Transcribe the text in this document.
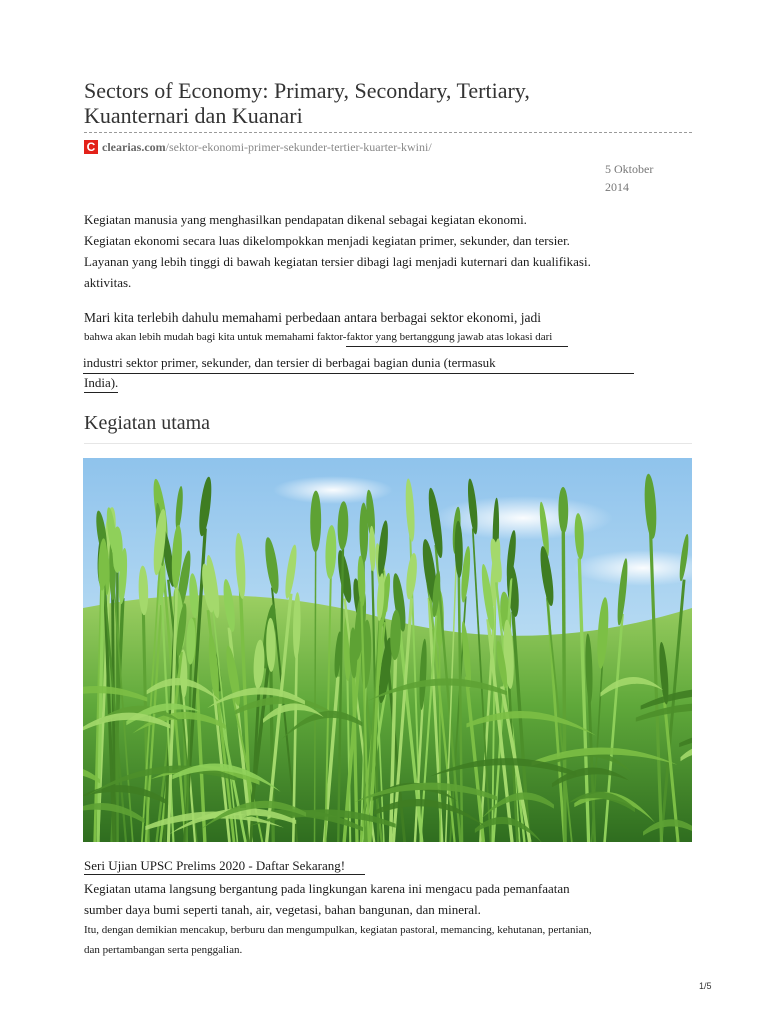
Sectors of Economy: Primary, Secondary, Tertiary,
Kuanternari dan Kuanari
C clearias.com /sektor-ekonomi-primer-sekunder-tertier-kuarter-kwini/
5 Oktober
2014
Kegiatan manusia yang menghasilkan pendapatan dikenal sebagai kegiatan ekonomi.
Kegiatan ekonomi secara luas dikelompokkan menjadi kegiatan primer, sekunder, dan tersier.
Layanan yang lebih tinggi di bawah kegiatan tersier dibagi lagi menjadi kuternari dan kualifikasi.
aktivitas.
Mari kita terlebih dahulu memahami perbedaan antara berbagai sektor ekonomi, jadi
bahwa akan lebih mudah bagi kita untuk memahami faktor-faktor yang bertanggung jawab atas lokasi dari
industri sektor primer, sekunder, dan tersier di berbagai bagian dunia (termasuk
India).
Kegiatan utama
Seri Ujian UPSC Prelims 2020 - Daftar Sekarang!
Kegiatan utama langsung bergantung pada lingkungan karena ini mengacu pada pemanfaatan
sumber daya bumi seperti tanah, air, vegetasi, bahan bangunan, dan mineral.
Itu, dengan demikian mencakup, berburu dan mengumpulkan, kegiatan pastoral, memancing, kehutanan, pertanian,
dan pertambangan serta penggalian.
1/5
